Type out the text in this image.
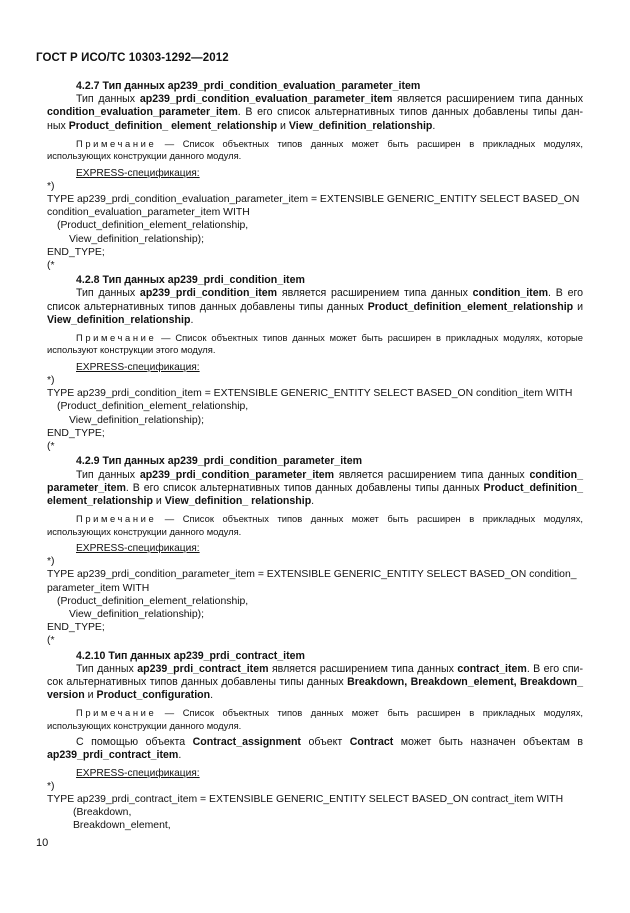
ГОСТ Р ИСО/ТС 10303-1292—2012
4.2.7 Тип данных ap239_prdi_condition_evaluation_parameter_item
Тип данных ap239_prdi_condition_evaluation_parameter_item является расширением типа данных condition_evaluation_parameter_item. В его список альтернативных типов данных добавлены типы дан-ных Product_definition_ element_relationship и View_definition_relationship.
Примечание — Список объектных типов данных может быть расширен в прикладных модулях, использующих конструкции данного модуля.
EXPRESS-спецификация:
*)
TYPE ap239_prdi_condition_evaluation_parameter_item = EXTENSIBLE GENERIC_ENTITY SELECT BASED_ON condition_evaluation_parameter_item WITH
(Product_definition_element_relationship,
View_definition_relationship);
END_TYPE;
(*
4.2.8 Тип данных ap239_prdi_condition_item
Тип данных ap239_prdi_condition_item является расширением типа данных condition_item. В его список альтернативных типов данных добавлены типы данных Product_definition_element_relationship и View_definition_relationship.
Примечание — Список объектных типов данных может быть расширен в прикладных модулях, которые используют конструкции этого модуля.
EXPRESS-спецификация:
*)
TYPE ap239_prdi_condition_item = EXTENSIBLE GENERIC_ENTITY SELECT BASED_ON condition_item WITH
(Product_definition_element_relationship,
View_definition_relationship);
END_TYPE;
(*
4.2.9 Тип данных ap239_prdi_condition_parameter_item
Тип данных ap239_prdi_condition_parameter_item является расширением типа данных condition_ parameter_item. В его список альтернативных типов данных добавлены типы данных Product_definition_ element_relationship и View_definition_ relationship.
Примечание — Список объектных типов данных может быть расширен в прикладных модулях, использующих конструкции данного модуля.
EXPRESS-спецификация:
*)
TYPE ap239_prdi_condition_parameter_item = EXTENSIBLE GENERIC_ENTITY SELECT BASED_ON condition_ parameter_item WITH
(Product_definition_element_relationship,
View_definition_relationship);
END_TYPE;
(*
4.2.10 Тип данных ap239_prdi_contract_item
Тип данных ap239_prdi_contract_item является расширением типа данных contract_item. В его спи-сок альтернативных типов данных добавлены типы данных Breakdown, Breakdown_element, Breakdown_ version и Product_configuration.
Примечание — Список объектных типов данных может быть расширен в прикладных модулях, использующих конструкции данного модуля.
С помощью объекта Contract_assignment объект Contract может быть назначен объектам в ap239_prdi_contract_item.
EXPRESS-спецификация:
*)
TYPE ap239_prdi_contract_item = EXTENSIBLE GENERIC_ENTITY SELECT BASED_ON contract_item WITH
(Breakdown,
Breakdown_element,
10
